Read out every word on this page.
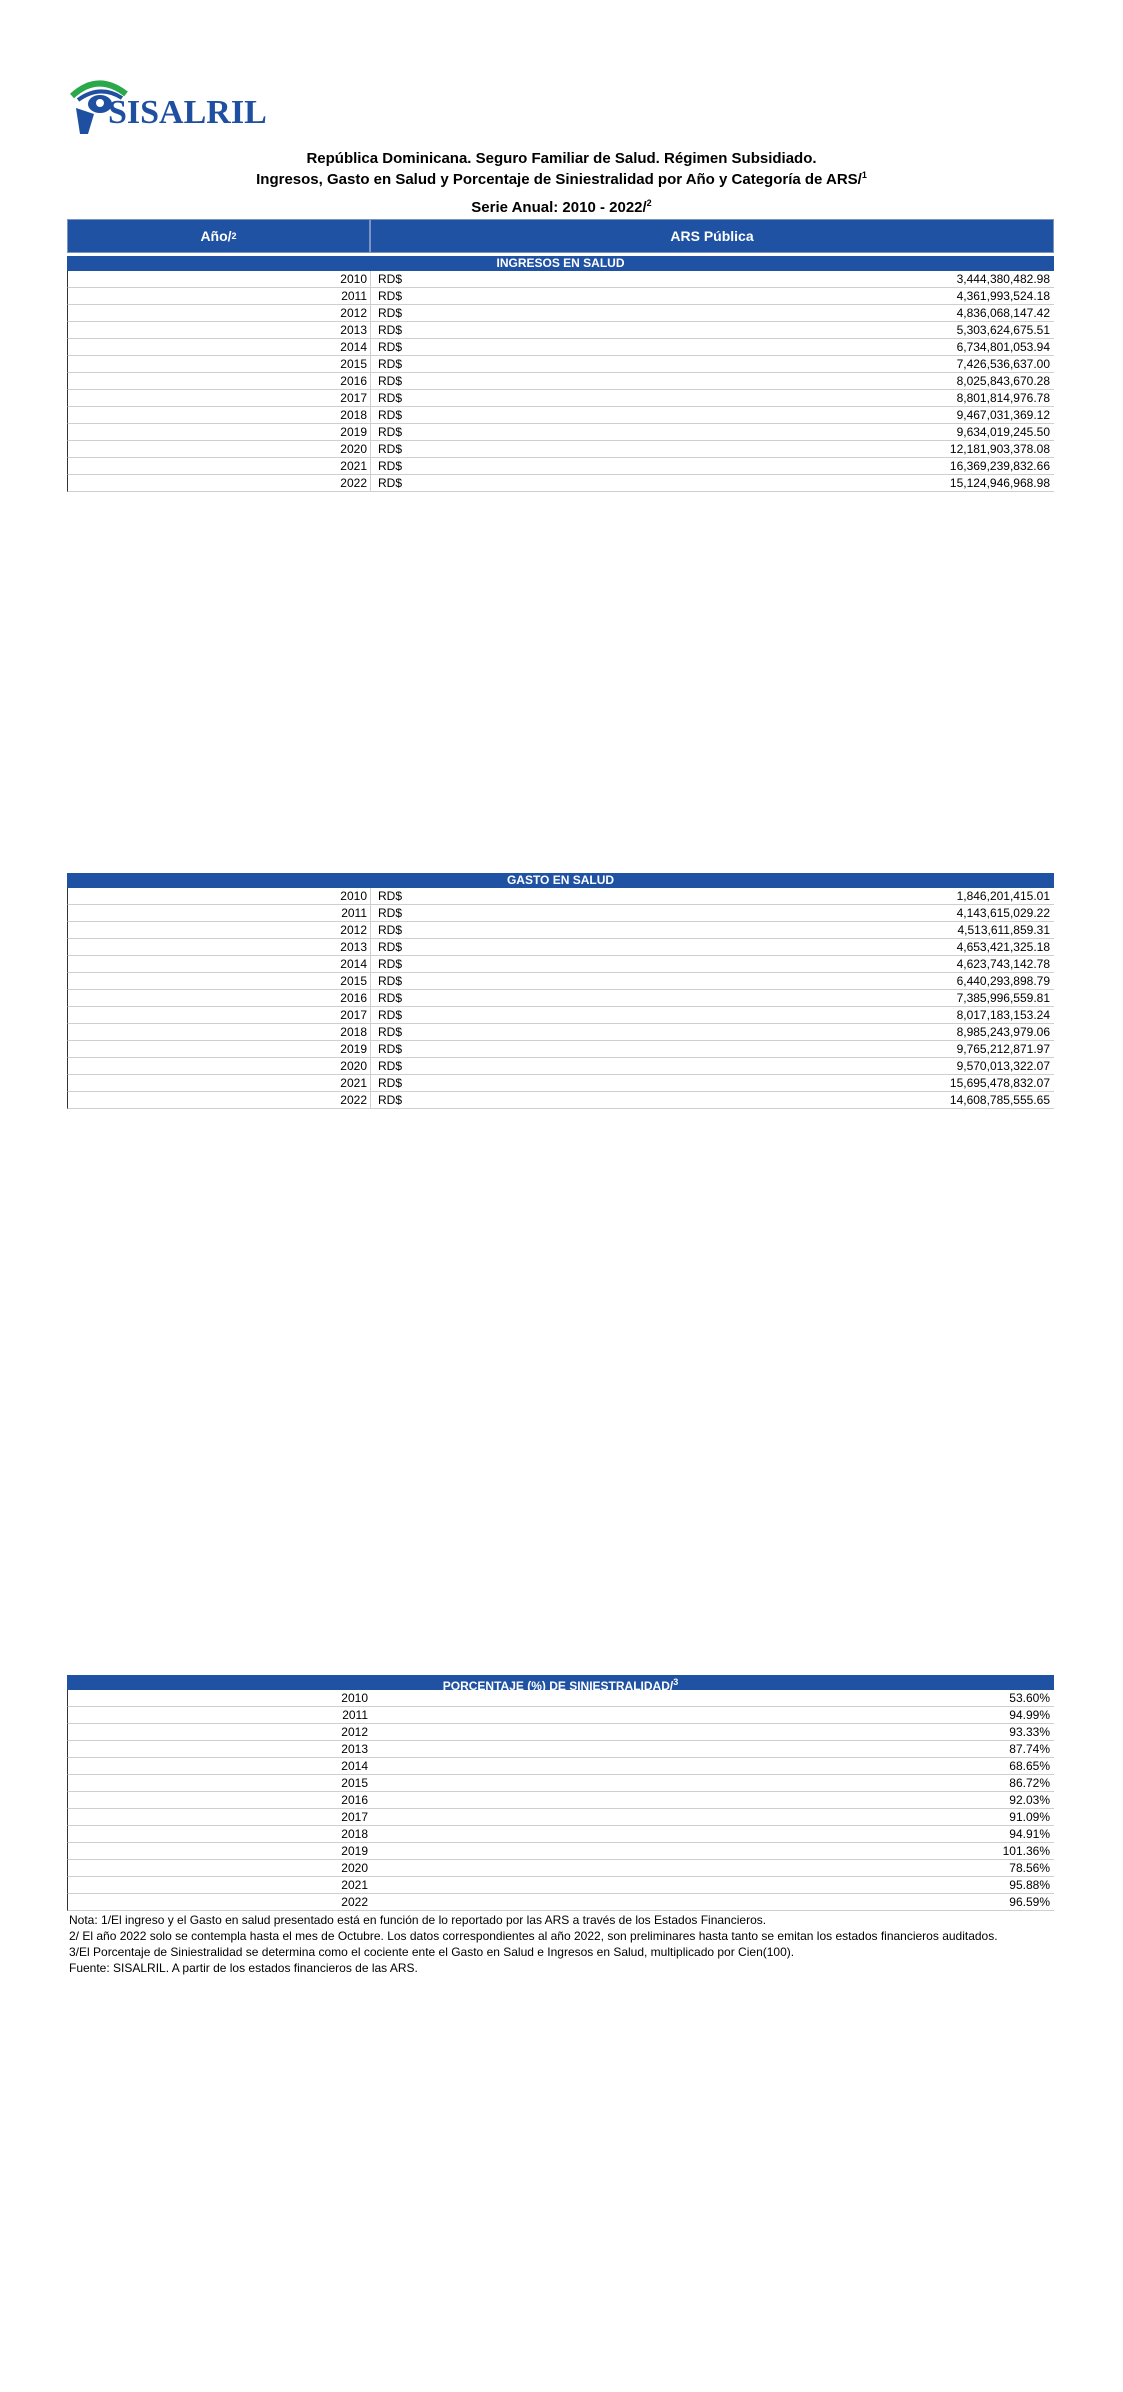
SISALRIL
República Dominicana. Seguro Familiar de Salud. Régimen Subsidiado.
Ingresos, Gasto en Salud y Porcentaje de Siniestralidad por Año y Categoría de ARS/$^1$
Serie Anual: 2010 - 2022/$^2$
Año/ 2	ARS Pública
INGRESOS EN SALUD
2010 RD$	3,444,380,482.98
2011 RD$	4,361,993,524.18
2012 RD$	4,836,068,147.42
2013 RD$	5,303,624,675.51
2014 RD$	6,734,801,053.94
2015 RD$	7,426,536,637.00
2016 RD$	8,025,843,670.28
2017 RD$	8,801,814,976.78
2018 RD$	9,467,031,369.12
2019 RD$	9,634,019,245.50
2020 RD$	12,181,903,378.08
2021 RD$	16,369,239,832.66
2022 RD$	15,124,946,968.98
GASTO EN SALUD
2010 RD$	1,846,201,415.01
2011 RD$	4,143,615,029.22
2012 RD$	4,513,611,859.31
2013 RD$	4,653,421,325.18
2014 RD$	4,623,743,142.78
2015 RD$	6,440,293,898.79
2016 RD$	7,385,996,559.81
2017 RD$	8,017,183,153.24
2018 RD$	8,985,243,979.06
2019 RD$	9,765,212,871.97
2020 RD$	9,570,013,322.07
2021 RD$	15,695,478,832.07
2022 RD$	14,608,785,555.65
PORCENTAJE (%) DE SINIESTRALIDAD/$^3$
2010	53.60%
2011	94.99%
2012	93.33%
2013	87.74%
2014	68.65%
2015	86.72%
2016	92.03%
2017	91.09%
2018	94.91%
2019	101.36%
2020	78.56%
2021	95.88%
2022	96.59%

Nota: 1/El ingreso y el Gasto en salud presentado está en función de lo reportado por las ARS a través de los Estados Financieros.

2/ El año 2022 solo se contempla hasta el mes de Octubre. Los datos correspondientes al año 2022, son preliminares hasta tanto se emitan los estados financieros auditados.

3/El Porcentaje de Siniestralidad se determina como el cociente ente el Gasto en Salud e Ingresos en Salud, multiplicado por Cien(100).

Fuente: SISALRIL. A partir de los estados financieros de las ARS.
